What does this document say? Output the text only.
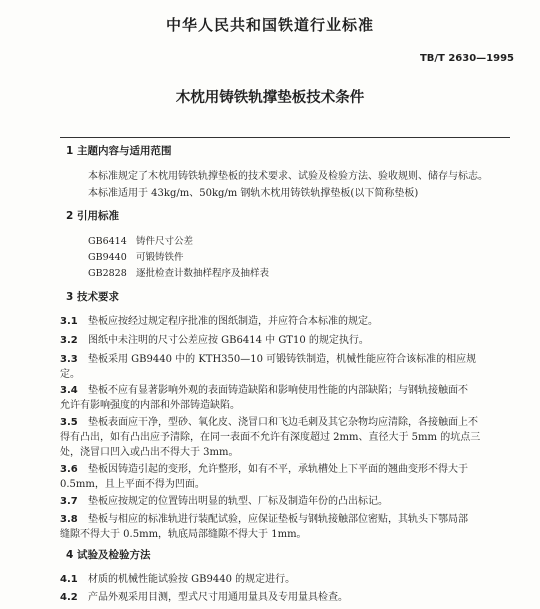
中华人民共和国铁道行业标准
TB/T 2630—1995
木枕用铸铁轨撑垫板技术条件
1 主题内容与适用范围
本标准规定了木枕用铸铁轨撑垫板的技术要求、试验及检验方法、验收规则、储存与标志。
本标准适用于 43kg/m、50kg/m 钢轨木枕用铸铁轨撑垫板(以下简称垫板)
2 引用标准
GB6414 铸件尺寸公差
GB9440 可锻铸铁件
GB2828 逐批检查计数抽样程序及抽样表
3 技术要求
3.1 垫板应按经过规定程序批准的图纸制造，并应符合本标准的规定。
3.2 图纸中未注明的尺寸公差应按 GB6414 中 GT10 的规定执行。
3.3 垫板采用 GB9440 中的 KTH350—10 可锻铸铁制造，机械性能应符合该标准的相应规
定。
3.4 垫板不应有显著影响外观的表面铸造缺陷和影响使用性能的内部缺陷；与钢轨接触面不
允许有影响强度的内部和外部铸造缺陷。
3.5 垫板表面应干净，型砂、氧化皮、浇冒口和飞边毛刺及其它杂物均应清除，各接触面上不
得有凸出，如有凸出应予清除，在同一表面不允许有深度超过 2mm、直径大于 5mm 的坑点三
处，浇冒口凹入或凸出不得大于 3mm。
3.6 垫板因铸造引起的变形，允许整形，如有不平，承轨槽处上下平面的翘曲变形不得大于
0.5mm，且上平面不得为凹面。
3.7 垫板应按规定的位置铸出明显的轨型、厂标及制造年份的凸出标记。
3.8 垫板与相应的标准轨进行装配试验，应保证垫板与钢轨接触部位密贴，其轨头下鄂局部
缝隙不得大于 0.5mm，轨底局部缝隙不得大于 1mm。
4 试验及检验方法
4.1 材质的机械性能试验按 GB9440 的规定进行。
4.2 产品外观采用目测，型式尺寸用通用量具及专用量具检查。
